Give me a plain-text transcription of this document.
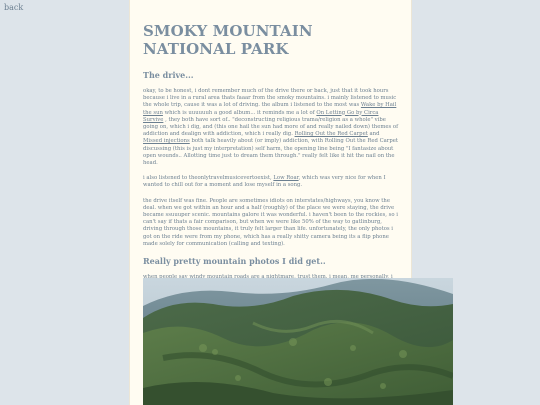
back
SMOKY MOUNTAIN NATIONAL PARK
The drive...

okay, to be honest, i dont remember much of the drive there or back, just that it took hours because i live in a rural area thats faaar from the smoky mountains. i mainly listened to music the whole trip, cause it was a lot of driving. the album i listened to the most was Wake by Hail the sun which is uuuuuuh a good album... it reminds me a lot of On Letting Go by Circa Survive , they both have sort of.. "deconstructing religious trama/religion as a whole" vibe going on, which i dig, and (this one hail the sun had more of and really nailed down) themes of addiction and dealign with addiction, which i really dig. Rolling Out the Red Carpet and Missed injections both talk heavily about (or imply) addiction, with Rolling Out the Red Carpet discussing (this is just my interpretation) self harm, the opening line being "I fantasize about open wounds.. Allotting time just to dream them through." really felt like it hit the nail on the head.

i also listened to theonlytravelmusicevertoexist, Low Roar, which was very nice for when I wanted to chill out for a moment and lose myself in a song.

the drive itself was fine. People are sometimes idiots on interstates/highways, you know the deal. when we got within an hour and a half (roughly) of the place we were staying, the drive became ssuuuper scenic. mountains galore it was wonderful. i haven't been to the rockies, so i can't say if thats a fair comparison, but when we were like 50% of the way to gatlinburg, driving through those mountains, it truly felt larger than life. unfortunately, the only photos i got on the ride were from my phone, which has a really shitty camera being its a flip phone made solely for communication (calling and texting).

Really pretty mountain photos I did get..
